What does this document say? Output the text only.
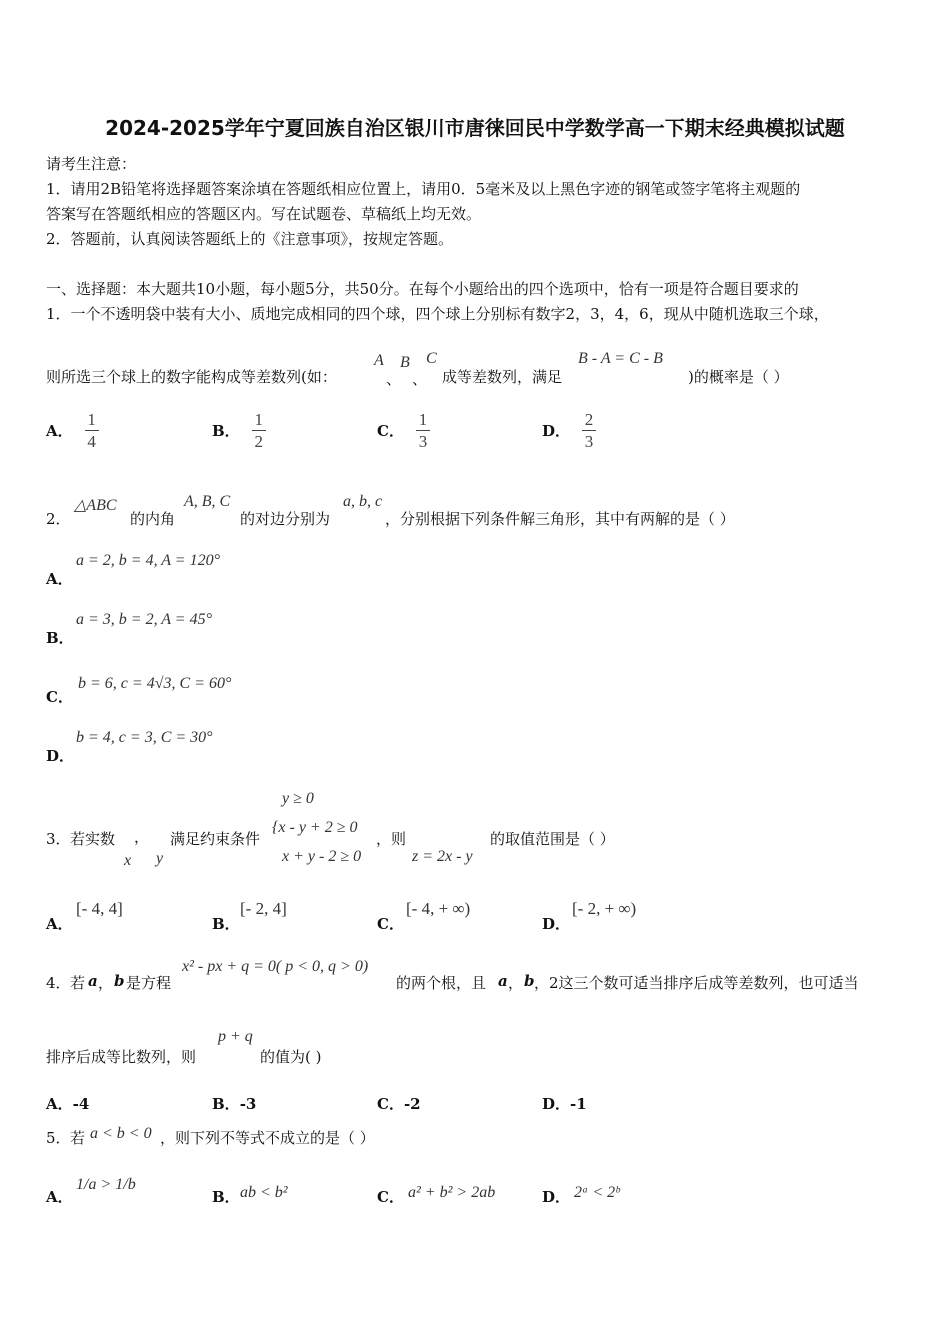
2024-2025学年宁夏回族自治区银川市唐徕回民中学数学高一下期末经典模拟试题
请考生注意：
1．请用2B铅笔将选择题答案涂填在答题纸相应位置上，请用0．5毫米及以上黑色字迹的钢笔或签字笔将主观题的
答案写在答题纸相应的答题区内。写在试题卷、草稿纸上均无效。
2．答题前，认真阅读答题纸上的《注意事项》，按规定答题。
一、选择题：本大题共10小题，每小题5分，共50分。在每个小题给出的四个选项中，恰有一项是符合题目要求的
1．一个不透明袋中装有大小、质地完成相同的四个球，四个球上分别标有数字2，3，4，6，现从中随机选取三个球，
则所选三个球上的数字能构成等差数列(如：
A
、
B
、
C
成等差数列，满足
B - A = C - B
)的概率是（ ）
A． $\frac{1}{4}$	B． $\frac{1}{2}$	C． $\frac{1}{3}$	D． $\frac{2}{3}$
2．
△ABC
的内角
A, B, C
的对边分别为
a, b, c
，分别根据下列条件解三角形，其中有两解的是（ ）
A．
a = 2, b = 4, A = 120°
B．
a = 3, b = 2, A = 45°
C．
b = 6, c = 4√3, C = 60°
D．
b = 4, c = 3, C = 30°
y ≥ 0
3． 若实数
x
，
y
满足约束条件
{x - y + 2 ≥ 0
x + y - 2 ≥ 0
，则
z = 2x - y
的取值范围是（ ）
A．
[- 4, 4]
B．
[- 2, 4]
C．
[- 4, + ∞)
D．
[- 2, + ∞)
4． 若 a ， b 是方程
x² - px + q = 0( p < 0, q > 0)
的两个根，且 a ， b ，2这三个数可适当排序后成等差数列，也可适当
排序后成等比数列，则
p + q
的值为( )
A．-4	B．-3	C．-2	D．-1
5． 若 a < b < 0 ，则下列不等式不成立的是（ ）
A．
1/a > 1/b
B． ab < b²	C． a² + b² > 2ab	D． 2ᵃ < 2ᵇ
